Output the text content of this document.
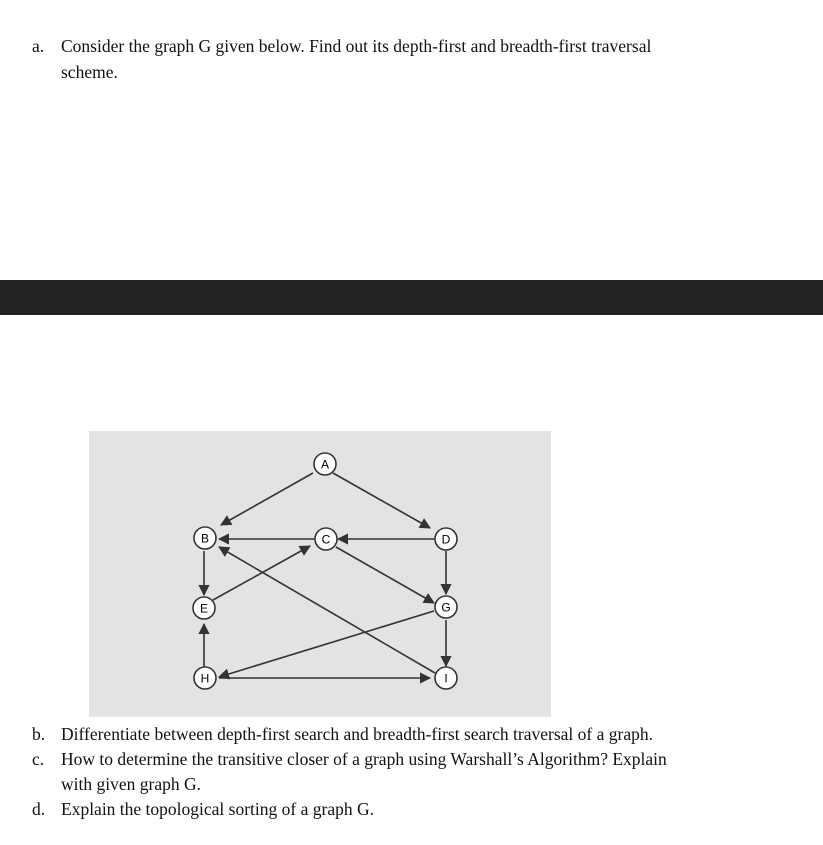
a. Consider the graph G given below. Find out its depth-first and breadth-first traversal
scheme.
A
B	C	D
E	G
H	I
b. Differentiate between depth-first search and breadth-first search traversal of a graph.
c. How to determine the transitive closer of a graph using Warshall’s Algorithm? Explain
with given graph G.
d. Explain the topological sorting of a graph G.
